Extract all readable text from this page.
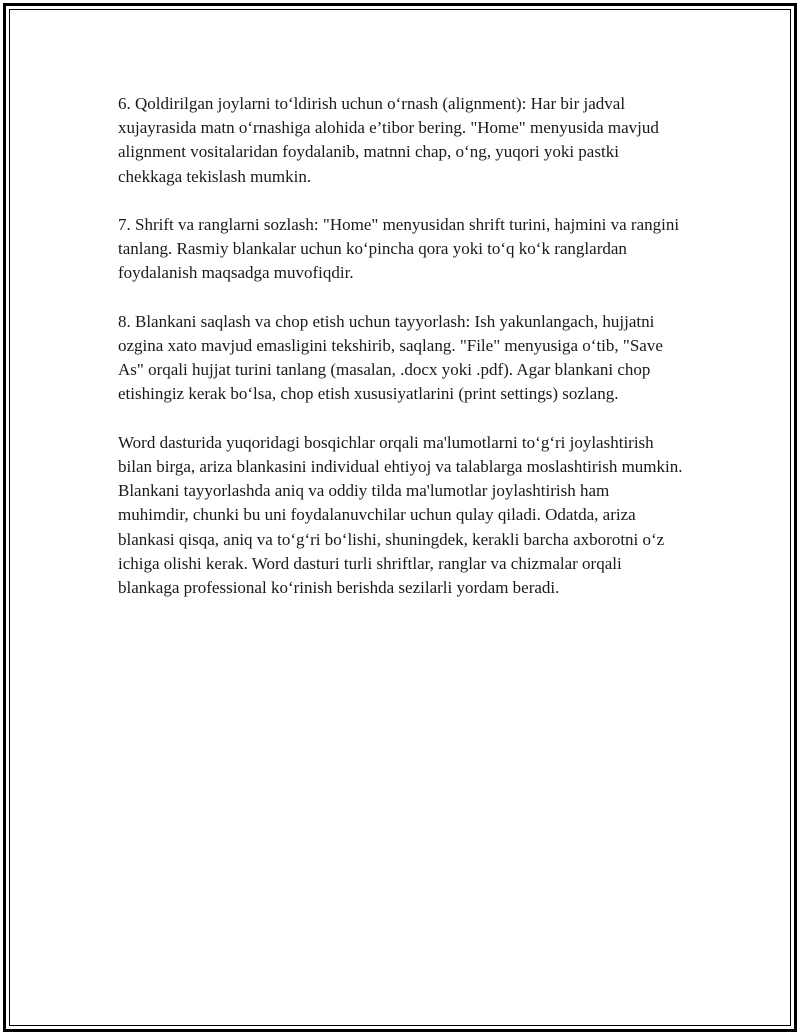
6. Qoldirilgan joylarni to‘ldirish uchun o‘rnash (alignment): Har bir jadval xujayrasida matn o‘rnashiga alohida e’tibor bering. "Home" menyusida mavjud alignment vositalaridan foydalanib, matnni chap, o‘ng, yuqori yoki pastki chekkaga tekislash mumkin.

7. Shrift va ranglarni sozlash: "Home" menyusidan shrift turini, hajmini va rangini tanlang. Rasmiy blankalar uchun ko‘pincha qora yoki to‘q ko‘k ranglardan foydalanish maqsadga muvofiqdir.

8. Blankani saqlash va chop etish uchun tayyorlash: Ish yakunlangach, hujjatni ozgina xato mavjud emasligini tekshirib, saqlang. "File" menyusiga o‘tib, "Save As" orqali hujjat turini tanlang (masalan, .docx yoki .pdf). Agar blankani chop etishingiz kerak bo‘lsa, chop etish xususiyatlarini (print settings) sozlang.

Word dasturida yuqoridagi bosqichlar orqali ma'lumotlarni to‘g‘ri joylashtirish bilan birga, ariza blankasini individual ehtiyoj va talablarga moslashtirish mumkin. Blankani tayyorlashda aniq va oddiy tilda ma'lumotlar joylashtirish ham muhimdir, chunki bu uni foydalanuvchilar uchun qulay qiladi. Odatda, ariza blankasi qisqa, aniq va to‘g‘ri bo‘lishi, shuningdek, kerakli barcha axborotni o‘z ichiga olishi kerak. Word dasturi turli shriftlar, ranglar va chizmalar orqali blankaga professional ko‘rinish berishda sezilarli yordam beradi.
